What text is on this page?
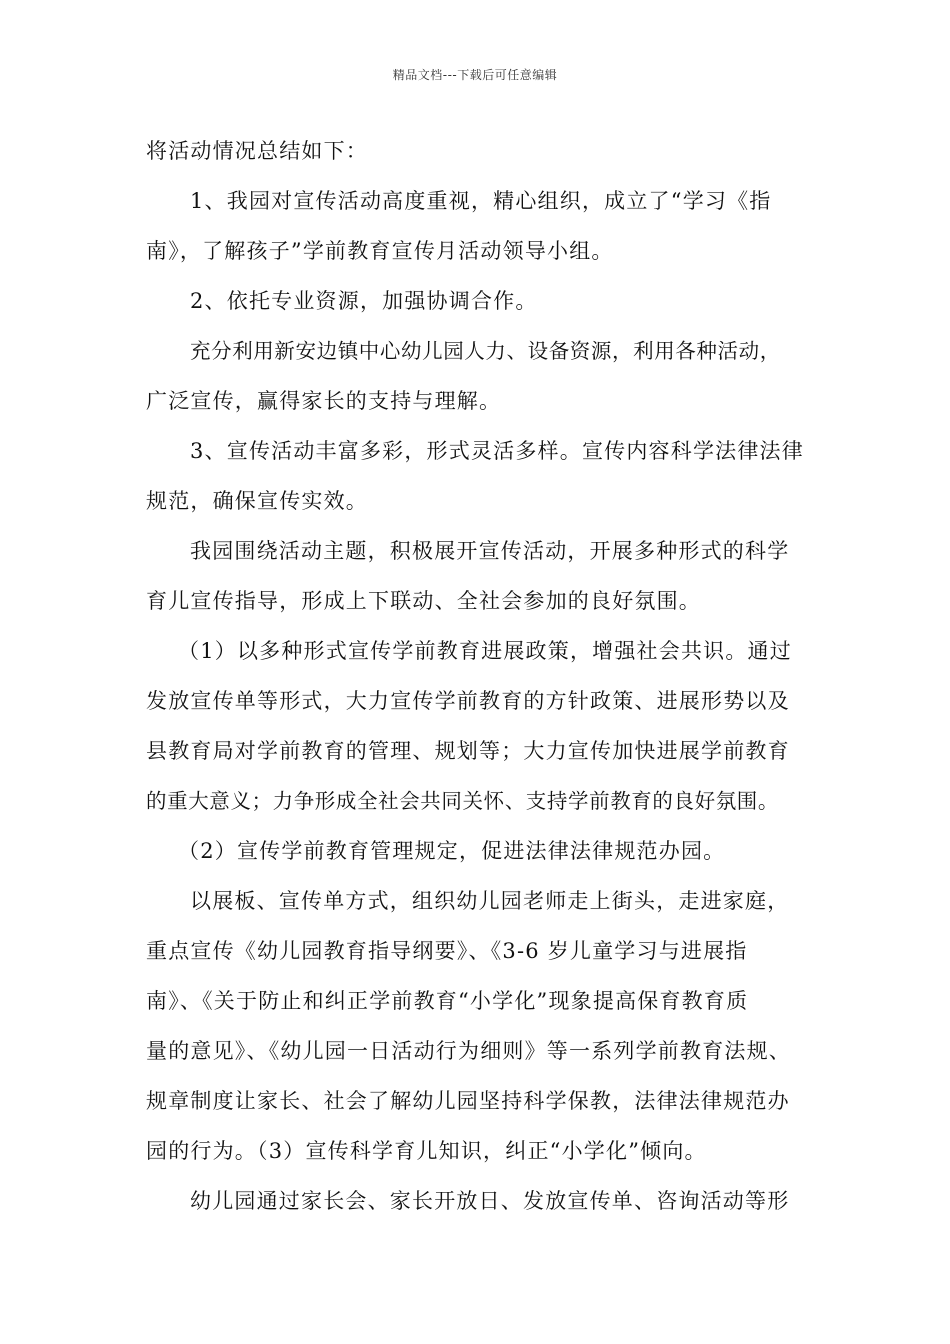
精品文档---下载后可任意编辑
将活动情况总结如下：
1、我园对宣传活动高度重视，精心组织，成立了“学习《指
南》，了解孩子”学前教育宣传月活动领导小组。
2、依托专业资源，加强协调合作。
充分利用新安边镇中心幼儿园人力、设备资源，利用各种活动，
广泛宣传，赢得家长的支持与理解。
3、宣传活动丰富多彩，形式灵活多样。宣传内容科学法律法律
规范，确保宣传实效。
我园围绕活动主题，积极展开宣传活动，开展多种形式的科学
育儿宣传指导，形成上下联动、全社会参加的良好氛围。
（1）以多种形式宣传学前教育进展政策，增强社会共识。通过
发放宣传单等形式，大力宣传学前教育的方针政策、进展形势以及
县教育局对学前教育的管理、规划等；大力宣传加快进展学前教育
的重大意义；力争形成全社会共同关怀、支持学前教育的良好氛围。
（2）宣传学前教育管理规定，促进法律法律规范办园。
以展板、宣传单方式，组织幼儿园老师走上街头，走进家庭，
重点宣传《幼儿园教育指导纲要》、《3-6 岁儿童学习与进展指
南》、《关于防止和纠正学前教育“小学化”现象提高保育教育质
量的意见》、《幼儿园一日活动行为细则》等一系列学前教育法规、
规章制度让家长、社会了解幼儿园坚持科学保教，法律法律规范办
园的行为。（3）宣传科学育儿知识，纠正“小学化”倾向。
幼儿园通过家长会、家长开放日、发放宣传单、咨询活动等形
